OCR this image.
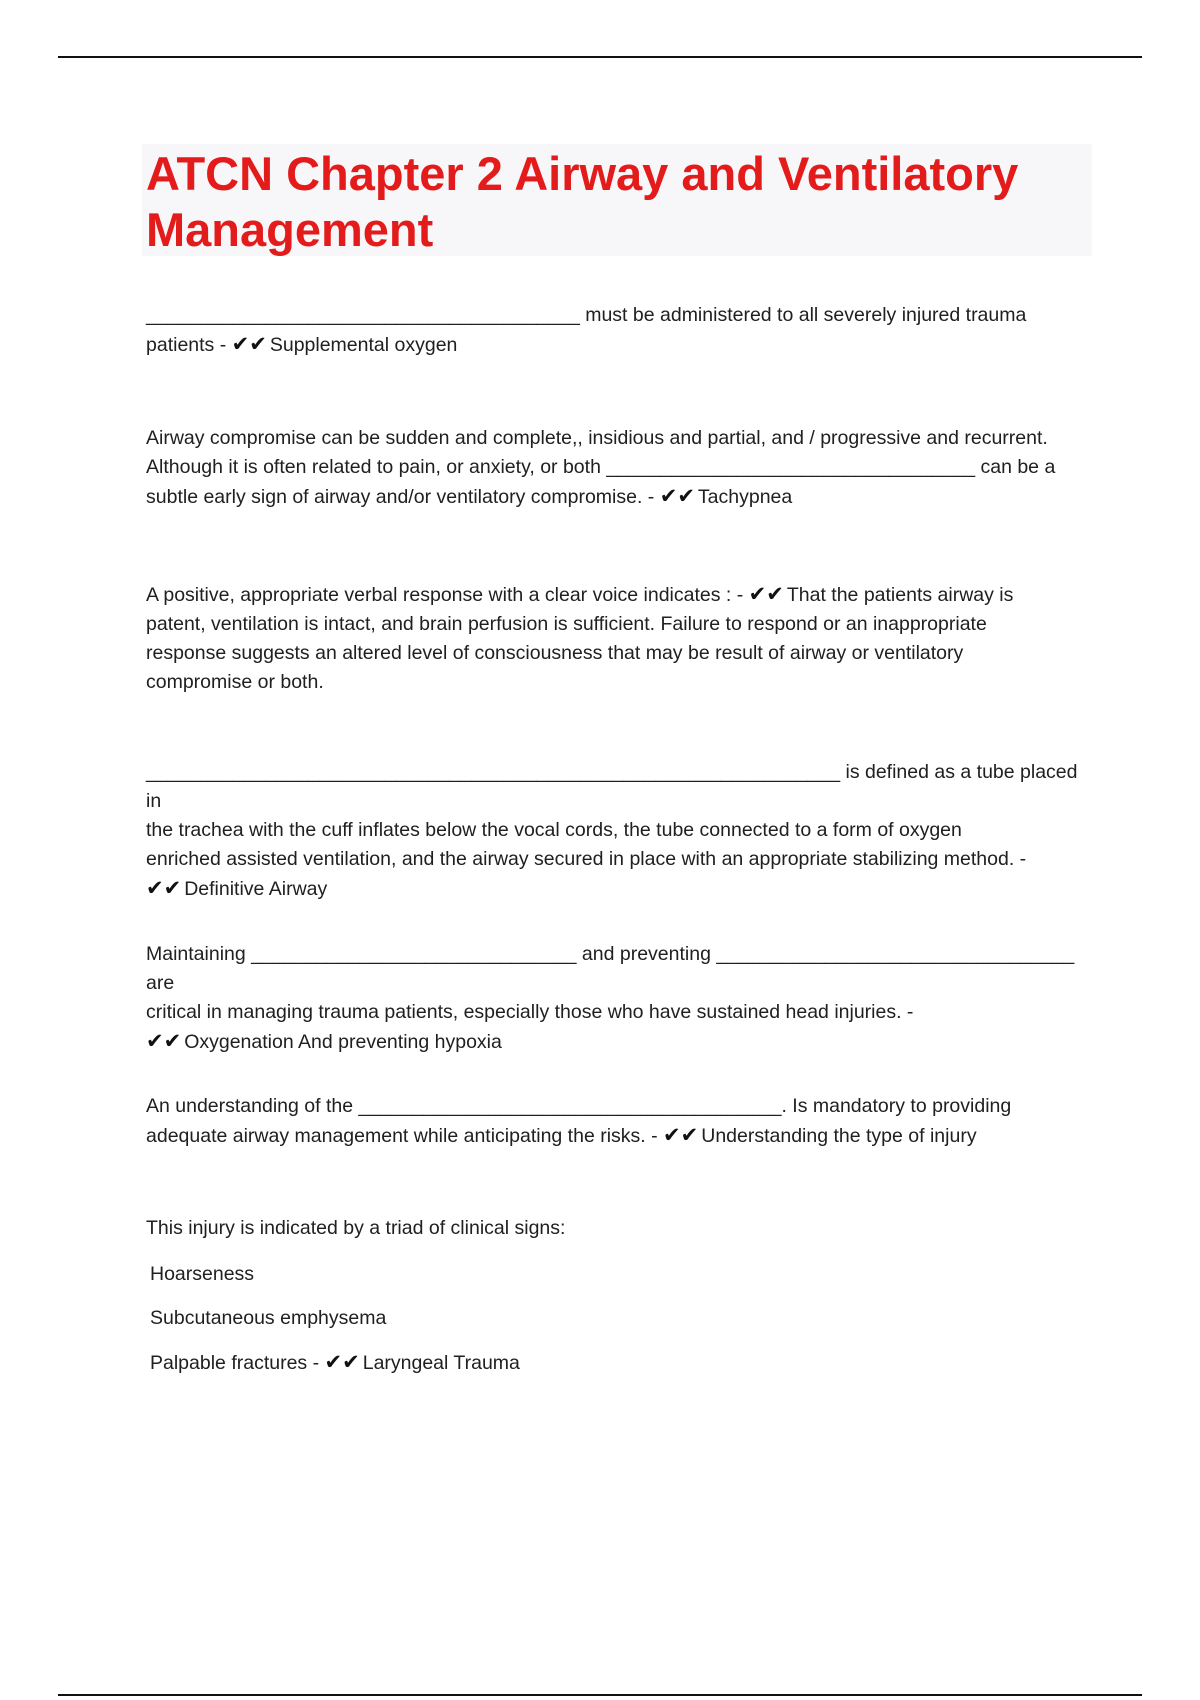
ATCN Chapter 2 Airway and Ventilatory Management

________________________________________ must be administered to all severely injured trauma

patients - ✔✔ Supplemental oxygen

Airway compromise can be sudden and complete,, insidious and partial, and / progressive and recurrent.

Although it is often related to pain, or anxiety, or both __________________________________ can be a

subtle early sign of airway and/or ventilatory compromise. - ✔✔ Tachypnea

A positive, appropriate verbal response with a clear voice indicates : - ✔✔ That the patients airway is

patent, ventilation is intact, and brain perfusion is sufficient. Failure to respond or an inappropriate

response suggests an altered level of consciousness that may be result of airway or ventilatory

compromise or both.

________________________________________________________________ is defined as a tube placed in

the trachea with the cuff inflates below the vocal cords, the tube connected to a form of oxygen

enriched assisted ventilation, and the airway secured in place with an appropriate stabilizing method. -

✔✔ Definitive Airway

Maintaining ______________________________ and preventing _________________________________ are

critical in managing trauma patients, especially those who have sustained head injuries. -

✔✔ Oxygenation And preventing hypoxia

An understanding of the _______________________________________. Is mandatory to providing

adequate airway management while anticipating the risks. - ✔✔ Understanding the type of injury

This injury is indicated by a triad of clinical signs:

Hoarseness

Subcutaneous emphysema

Palpable fractures - ✔✔ Laryngeal Trauma
